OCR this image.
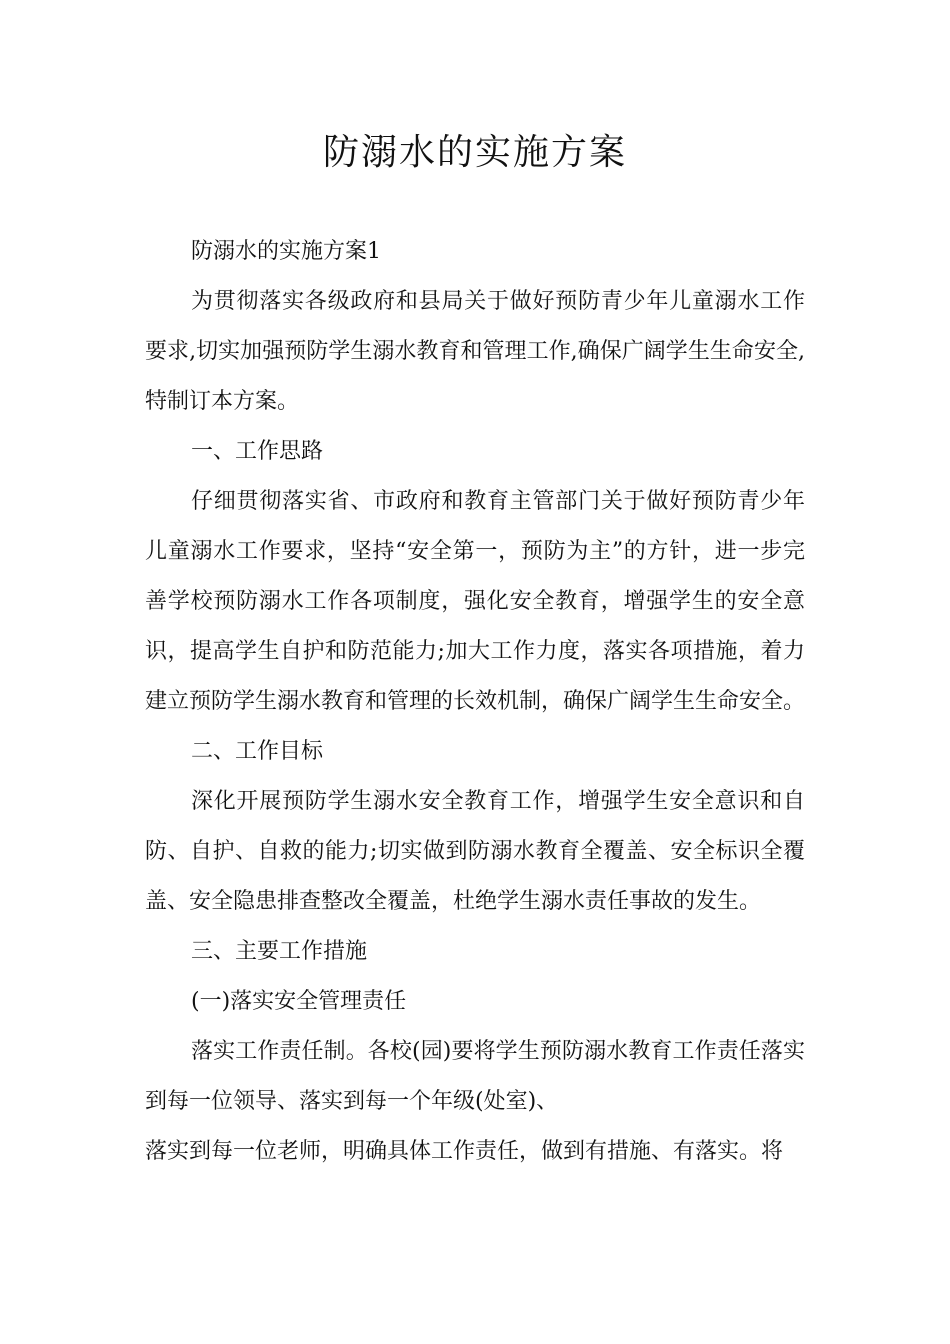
防溺水的实施方案

防溺水的实施方案1

为贯彻落实各级政府和县局关于做好预防青少年儿童溺水工作要求,切实加强预防学生溺水教育和管理工作,确保广阔学生生命安全,特制订本方案。

一、工作思路

仔细贯彻落实省、市政府和教育主管部门关于做好预防青少年儿童溺水工作要求，坚持“安全第一，预防为主”的方针，进一步完善学校预防溺水工作各项制度，强化安全教育，增强学生的安全意识，提高学生自护和防范能力;加大工作力度，落实各项措施，着力建立预防学生溺水教育和管理的长效机制，确保广阔学生生命安全。

二、工作目标

深化开展预防学生溺水安全教育工作，增强学生安全意识和自防、自护、自救的能力;切实做到防溺水教育全覆盖、安全标识全覆盖、安全隐患排查整改全覆盖，杜绝学生溺水责任事故的发生。

三、主要工作措施

(一)落实安全管理责任

落实工作责任制。各校(园)要将学生预防溺水教育工作责任落实到每一位领导、落实到每一个年级(处室)、

落实到每一位老师，明确具体工作责任，做到有措施、有落实。将
